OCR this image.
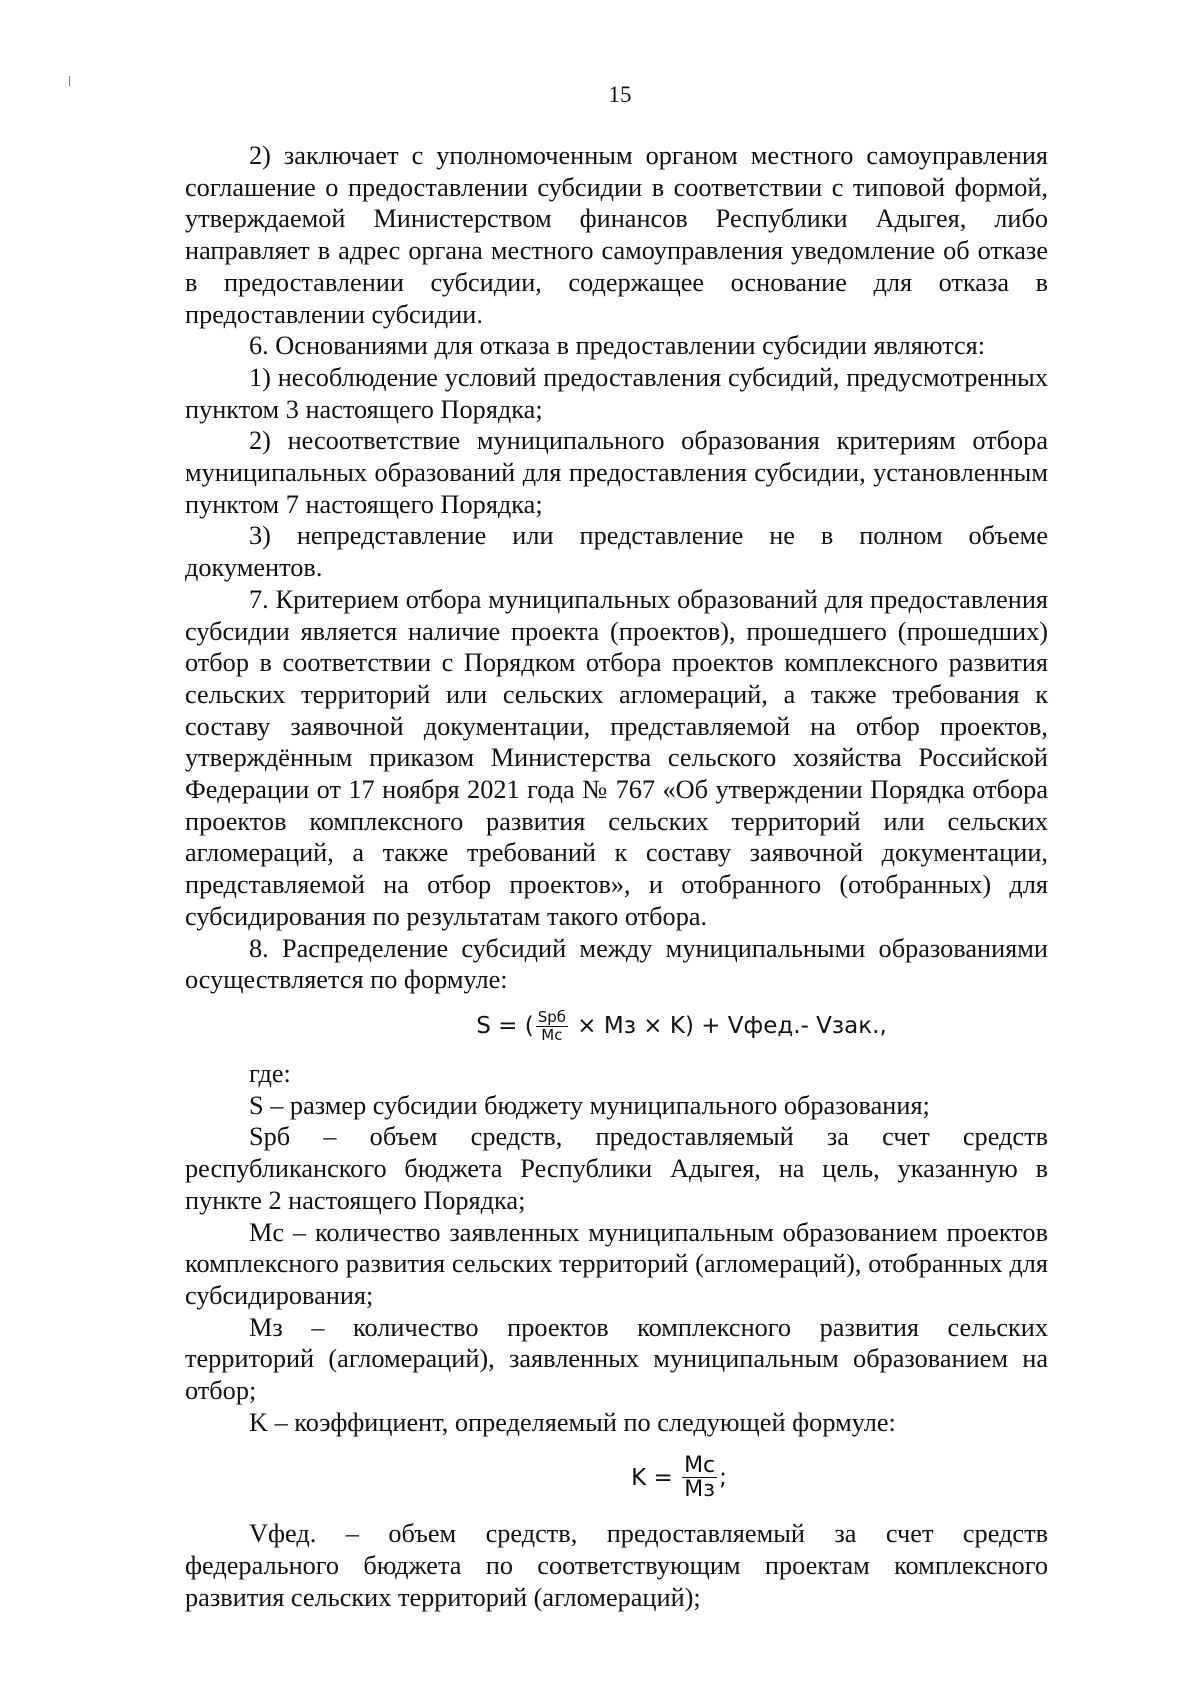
15

2) заключает с уполномоченным органом местного самоуправления соглашение о предоставлении субсидии в соответствии с типовой формой, утверждаемой Министерством финансов Республики Адыгея, либо направляет в адрес органа местного самоуправления уведомление об отказе в предоставлении субсидии, содержащее основание для отказа в предоставлении субсидии.

6. Основаниями для отказа в предоставлении субсидии являются:

1) несоблюдение условий предоставления субсидий, предусмотренных пунктом 3 настоящего Порядка;

2) несоответствие муниципального образования критериям отбора муниципальных образований для предоставления субсидии, установленным пунктом 7 настоящего Порядка;

3) непредставление или представление не в полном объеме документов.

7. Критерием отбора муниципальных образований для предоставления субсидии является наличие проекта (проектов), прошедшего (прошедших) отбор в соответствии с Порядком отбора проектов комплексного развития сельских территорий или сельских агломераций, а также требования к составу заявочной документации, представляемой на отбор проектов, утверждённым приказом Министерства сельского хозяйства Российской Федерации от 17 ноября 2021 года № 767 «Об утверждении Порядка отбора проектов комплексного развития сельских территорий или сельских агломераций, а также требований к составу заявочной документации, представляемой на отбор проектов», и отобранного (отобранных) для субсидирования по результатам такого отбора.

8. Распределение субсидий между муниципальными образованиями осуществляется по формуле:

S = ( $\frac{\text{Sрб}}{Mс}$ × Mз × K) + Vфед.- Vзак.,

где:

S – размер субсидии бюджету муниципального образования;

Sрб – объем средств, предоставляемый за счет средств республиканского бюджета Республики Адыгея, на цель, указанную в пункте 2 настоящего Порядка;

Mс – количество заявленных муниципальным образованием проектов комплексного развития сельских территорий (агломераций), отобранных для субсидирования;

Mз – количество проектов комплексного развития сельских территорий (агломераций), заявленных муниципальным образованием на отбор;

K – коэффициент, определяемый по следующей формуле:

$K = \frac{Mс}{Mз}$ ;

Vфед. – объем средств, предоставляемый за счет средств федерального бюджета по соответствующим проектам комплексного развития сельских территорий (агломераций);
